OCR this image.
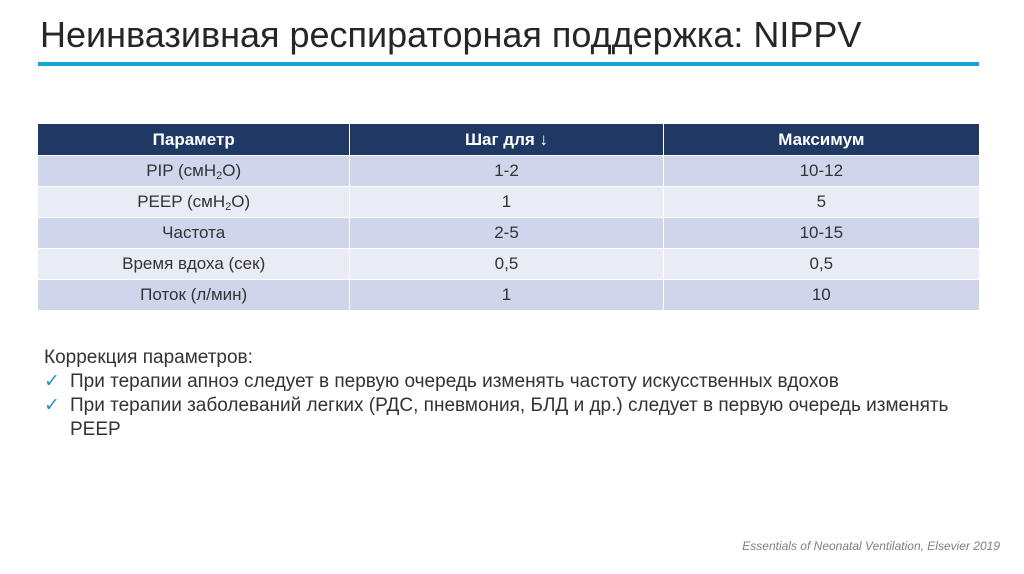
Неинвазивная респираторная поддержка: NIPPV
Параметр	Шаг для ↓	Максимум
PIP (смH$_2$O)	1-2	10-12
PEEP (смH$_2$O)	1	5
Частота	2-5	10-15
Время вдоха (сек)	0,5	0,5
Поток (л/мин)	1	10
Коррекция параметров:
✓ При терапии апноэ следует в первую очередь изменять частоту искусственных вдохов
✓ При терапии заболеваний легких (РДС, пневмония, БЛД и др.) следует в первую очередь изменять PEEP
Essentials of Neonatal Ventilation, Elsevier 2019
